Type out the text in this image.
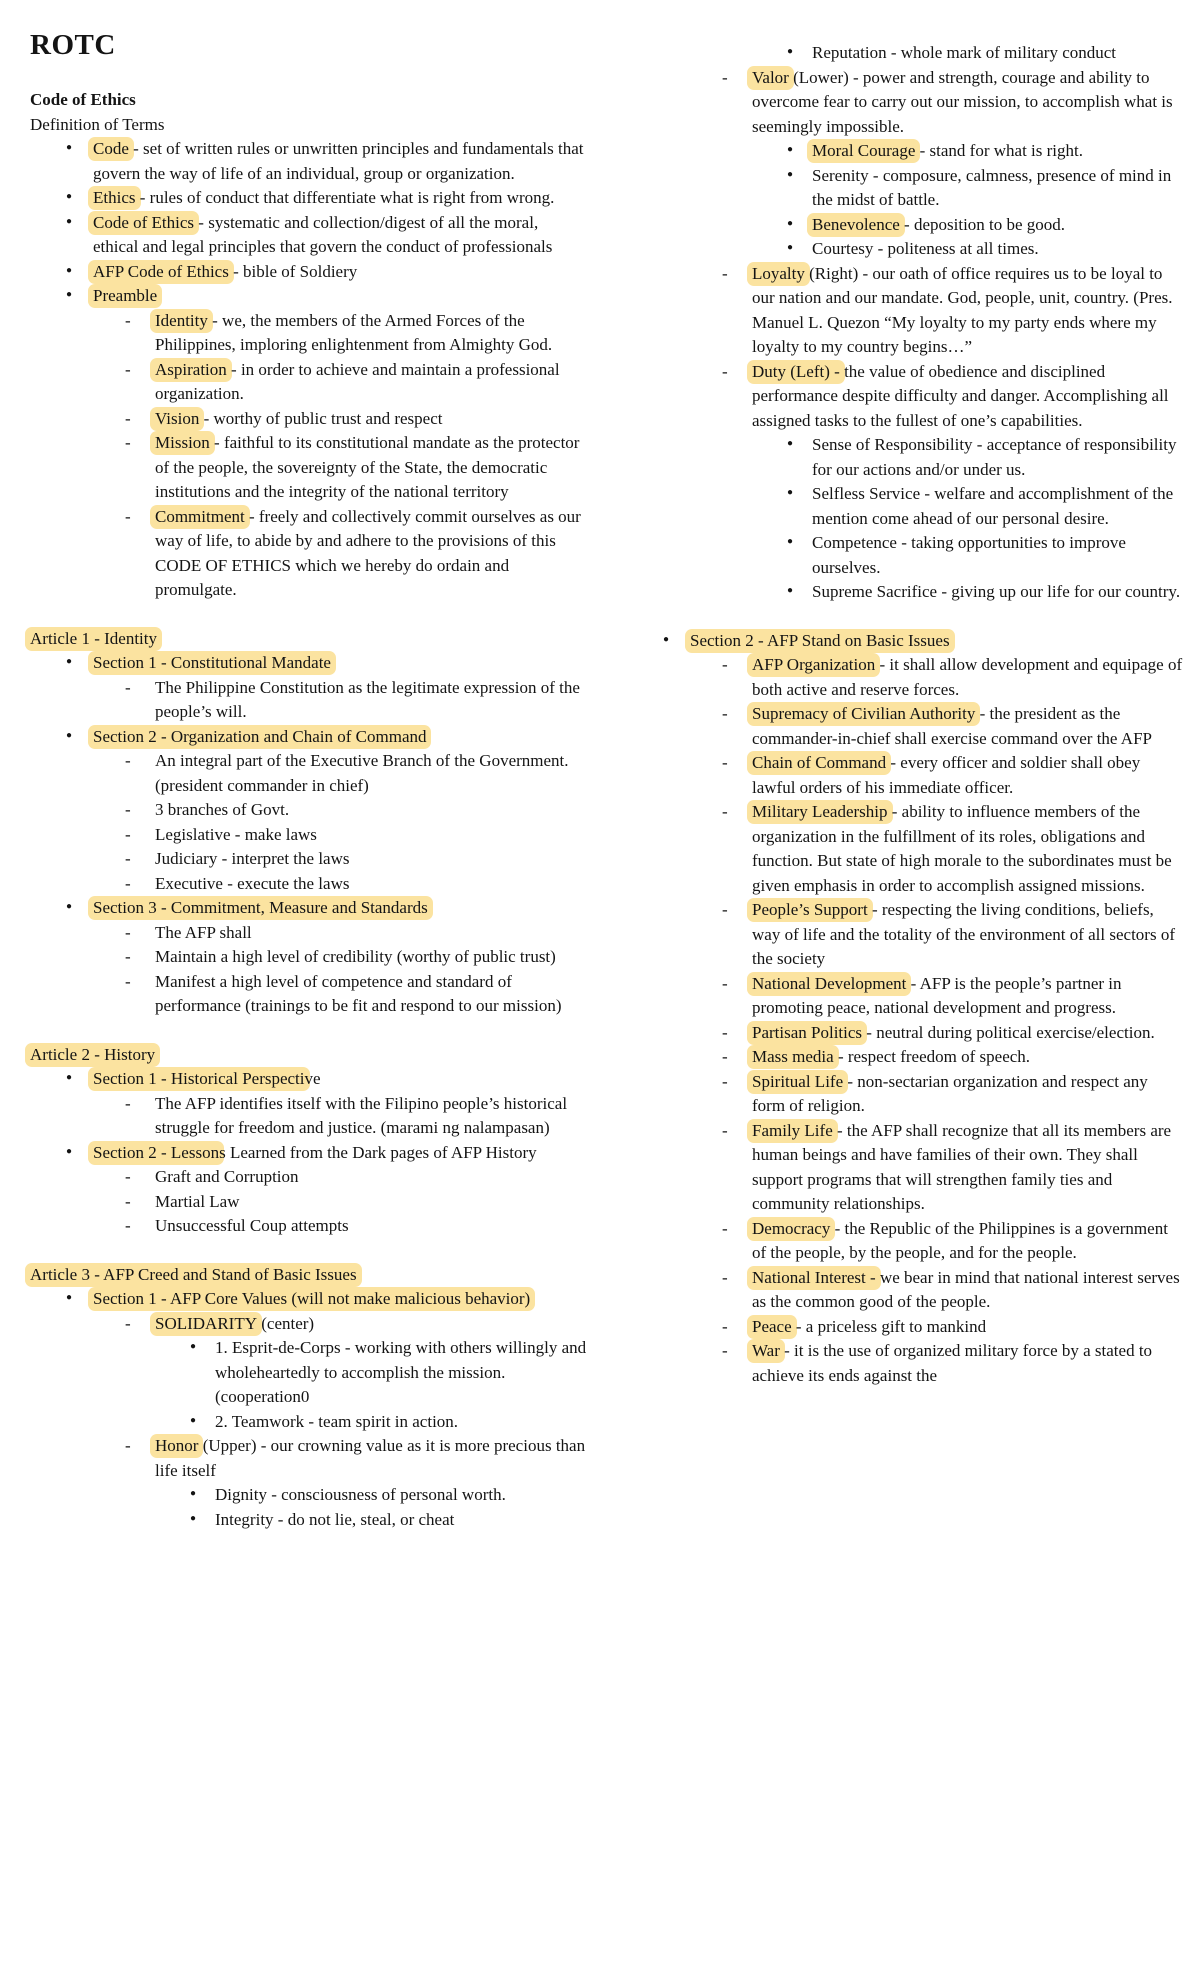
ROTC
Code of Ethics
Definition of Terms
●	Code - set of written rules or unwritten principles and fundamentals that govern the way of life of an individual, group or organization.
●	Ethics - rules of conduct that differentiate what is right from wrong.
●	Code of Ethics - systematic and collection/digest of all the moral, ethical and legal principles that govern the conduct of professionals
●	AFP Code of Ethics - bible of Soldiery
●	Preamble
-	Identity - we, the members of the Armed Forces of the Philippines, imploring enlightenment from Almighty God.
-	Aspiration - in order to achieve and maintain a professional organization.
-	Vision - worthy of public trust and respect
-	Mission - faithful to its constitutional mandate as the protector of the people, the sovereignty of the State, the democratic institutions and the integrity of the national territory
-	Commitment - freely and collectively commit ourselves as our way of life, to abide by and adhere to the provisions of this CODE OF ETHICS which we hereby do ordain and promulgate.
Article 1 - Identity
●	Section 1 - Constitutional Mandate
-	The Philippine Constitution as the legitimate expression of the people’s will.
●	Section 2 - Organization and Chain of Command
-	An integral part of the Executive Branch of the Government. (president commander in chief)
-	3 branches of Govt.
-	Legislative - make laws
-	Judiciary - interpret the laws
-	Executive - execute the laws
●	Section 3 - Commitment, Measure and Standards
-	The AFP shall
-	Maintain a high level of credibility (worthy of public trust)
-	Manifest a high level of competence and standard of performance (trainings to be fit and respond to our mission)
Article 2 - History
●	Section 1 - Historical Perspective
-	The AFP identifies itself with the Filipino people’s historical struggle for freedom and justice. (marami ng nalampasan)
●	Section 2 - Lessons Learned from the Dark pages of AFP History
-	Graft and Corruption
-	Martial Law
-	Unsuccessful Coup attempts
Article 3 - AFP Creed and Stand of Basic Issues
●	Section 1 - AFP Core Values (will not make malicious behavior)
-	SOLIDARITY (center)
●	1. Esprit-de-Corps - working with others willingly and wholeheartedly to accomplish the mission. (cooperation0
●	2. Teamwork - team spirit in action.
-	Honor (Upper) - our crowning value as it is more precious than life itself
●	Dignity - consciousness of personal worth.
●	Integrity - do not lie, steal, or cheat
●	Reputation - whole mark of military conduct
-	Valor (Lower) - power and strength, courage and ability to overcome fear to carry out our mission, to accomplish what is seemingly impossible.
●	Moral Courage - stand for what is right.
●	Serenity - composure, calmness, presence of mind in the midst of battle.
●	Benevolence - deposition to be good.
●	Courtesy - politeness at all times.
-	Loyalty (Right) - our oath of office requires us to be loyal to our nation and our mandate. God, people, unit, country. (Pres. Manuel L. Quezon “My loyalty to my party ends where my loyalty to my country begins…”
-	Duty (Left) - the value of obedience and disciplined performance despite difficulty and danger. Accomplishing all assigned tasks to the fullest of one’s capabilities.
●	Sense of Responsibility - acceptance of responsibility for our actions and/or under us.
●	Selfless Service - welfare and accomplishment of the mention come ahead of our personal desire.
●	Competence - taking opportunities to improve ourselves.
●	Supreme Sacrifice - giving up our life for our country.
●	Section 2 - AFP Stand on Basic Issues
-	AFP Organization - it shall allow development and equipage of both active and reserve forces.
-	Supremacy of Civilian Authority - the president as the commander-in-chief shall exercise command over the AFP
-	Chain of Command - every officer and soldier shall obey lawful orders of his immediate officer.
-	Military Leadership - ability to influence members of the organization in the fulfillment of its roles, obligations and function. But state of high morale to the subordinates must be given emphasis in order to accomplish assigned missions.
-	People’s Support - respecting the living conditions, beliefs, way of life and the totality of the environment of all sectors of the society
-	National Development - AFP is the people’s partner in promoting peace, national development and progress.
-	Partisan Politics - neutral during political exercise/election.
-	Mass media - respect freedom of speech.
-	Spiritual Life - non-sectarian organization and respect any form of religion.
-	Family Life - the AFP shall recognize that all its members are human beings and have families of their own. They shall support programs that will strengthen family ties and community relationships.
-	Democracy - the Republic of the Philippines is a government of the people, by the people, and for the people.
-	National Interest - we bear in mind that national interest serves as the common good of the people.
-	Peace - a priceless gift to mankind
-	War - it is the use of organized military force by a stated to achieve its ends against the
